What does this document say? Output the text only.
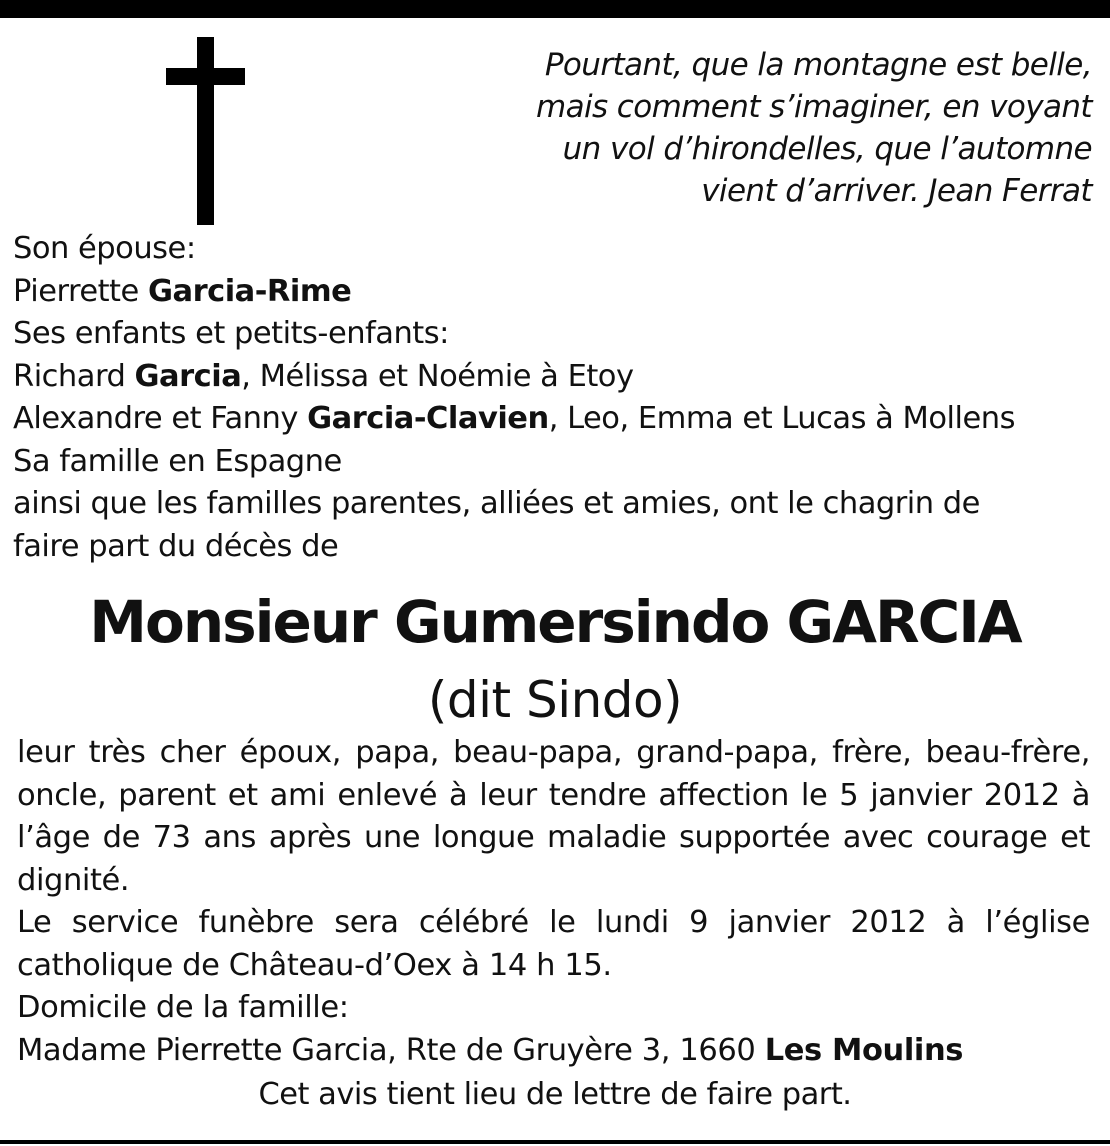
Pourtant, que la montagne est belle,
mais comment s’imaginer, en voyant
un vol d’hirondelles, que l’automne
vient d’arriver. Jean Ferrat
Son épouse:
Pierrette Garcia-Rime
Ses enfants et petits-enfants:
Richard Garcia, Mélissa et Noémie à Etoy
Alexandre et Fanny Garcia-Clavien, Leo, Emma et Lucas à Mollens
Sa famille en Espagne
ainsi que les familles parentes, alliées et amies, ont le chagrin de
faire part du décès de
Monsieur Gumersindo GARCIA
(dit Sindo)
leur très cher époux, papa, beau-papa, grand-papa, frère, beau-frère, oncle, parent et ami enlevé à leur tendre affection le 5 janvier 2012 à l’âge de 73 ans après une longue maladie supportée avec courage et dignité.
Le service funèbre sera célébré le lundi 9 janvier 2012 à l’église catholique de Château-d’Oex à 14 h 15.
Domicile de la famille:
Madame Pierrette Garcia, Rte de Gruyère 3, 1660 Les Moulins
Cet avis tient lieu de lettre de faire part.
